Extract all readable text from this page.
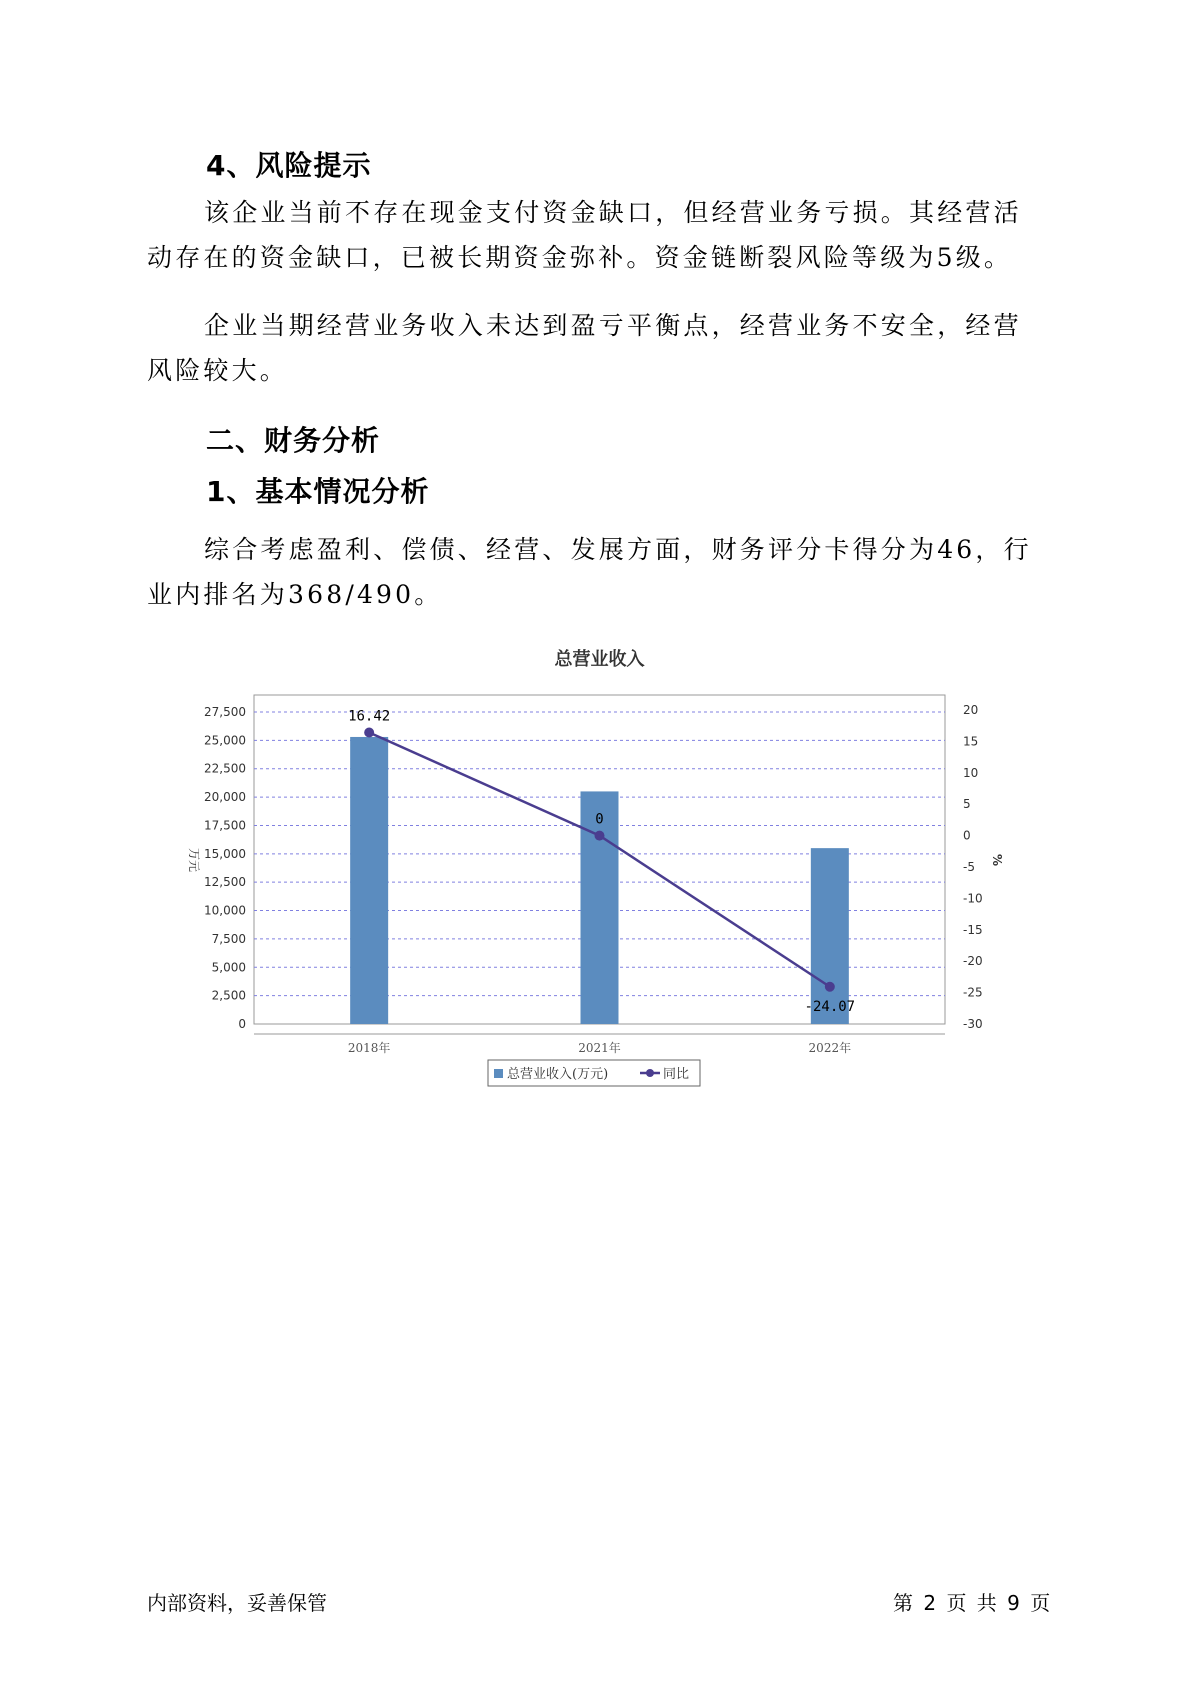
4、风险提示

该企业当前不存在现金支付资金缺口，但经营业务亏损。其经营活动存在的资金缺口，已被长期资金弥补。资金链断裂风险等级为5级。

企业当期经营业务收入未达到盈亏平衡点，经营业务不安全，经营风险较大。

二、财务分析
1、基本情况分析

综合考虑盈利、偿债、经营、发展方面，财务评分卡得分为46，行业内排名为368/490。

总营业收入
0
2,500
5,000
7,500
10,000
12,500
15,000
17,500
20,000
22,500
25,000
27,500
-30
-25
-20
-15
-10
-5
0
5
10
15
20
万元	%
2018年	2021年	2022年
16.42
0
-24.07
总营业收入(万元)	同比
内部资料，妥善保管	第 2 页 共 9 页
